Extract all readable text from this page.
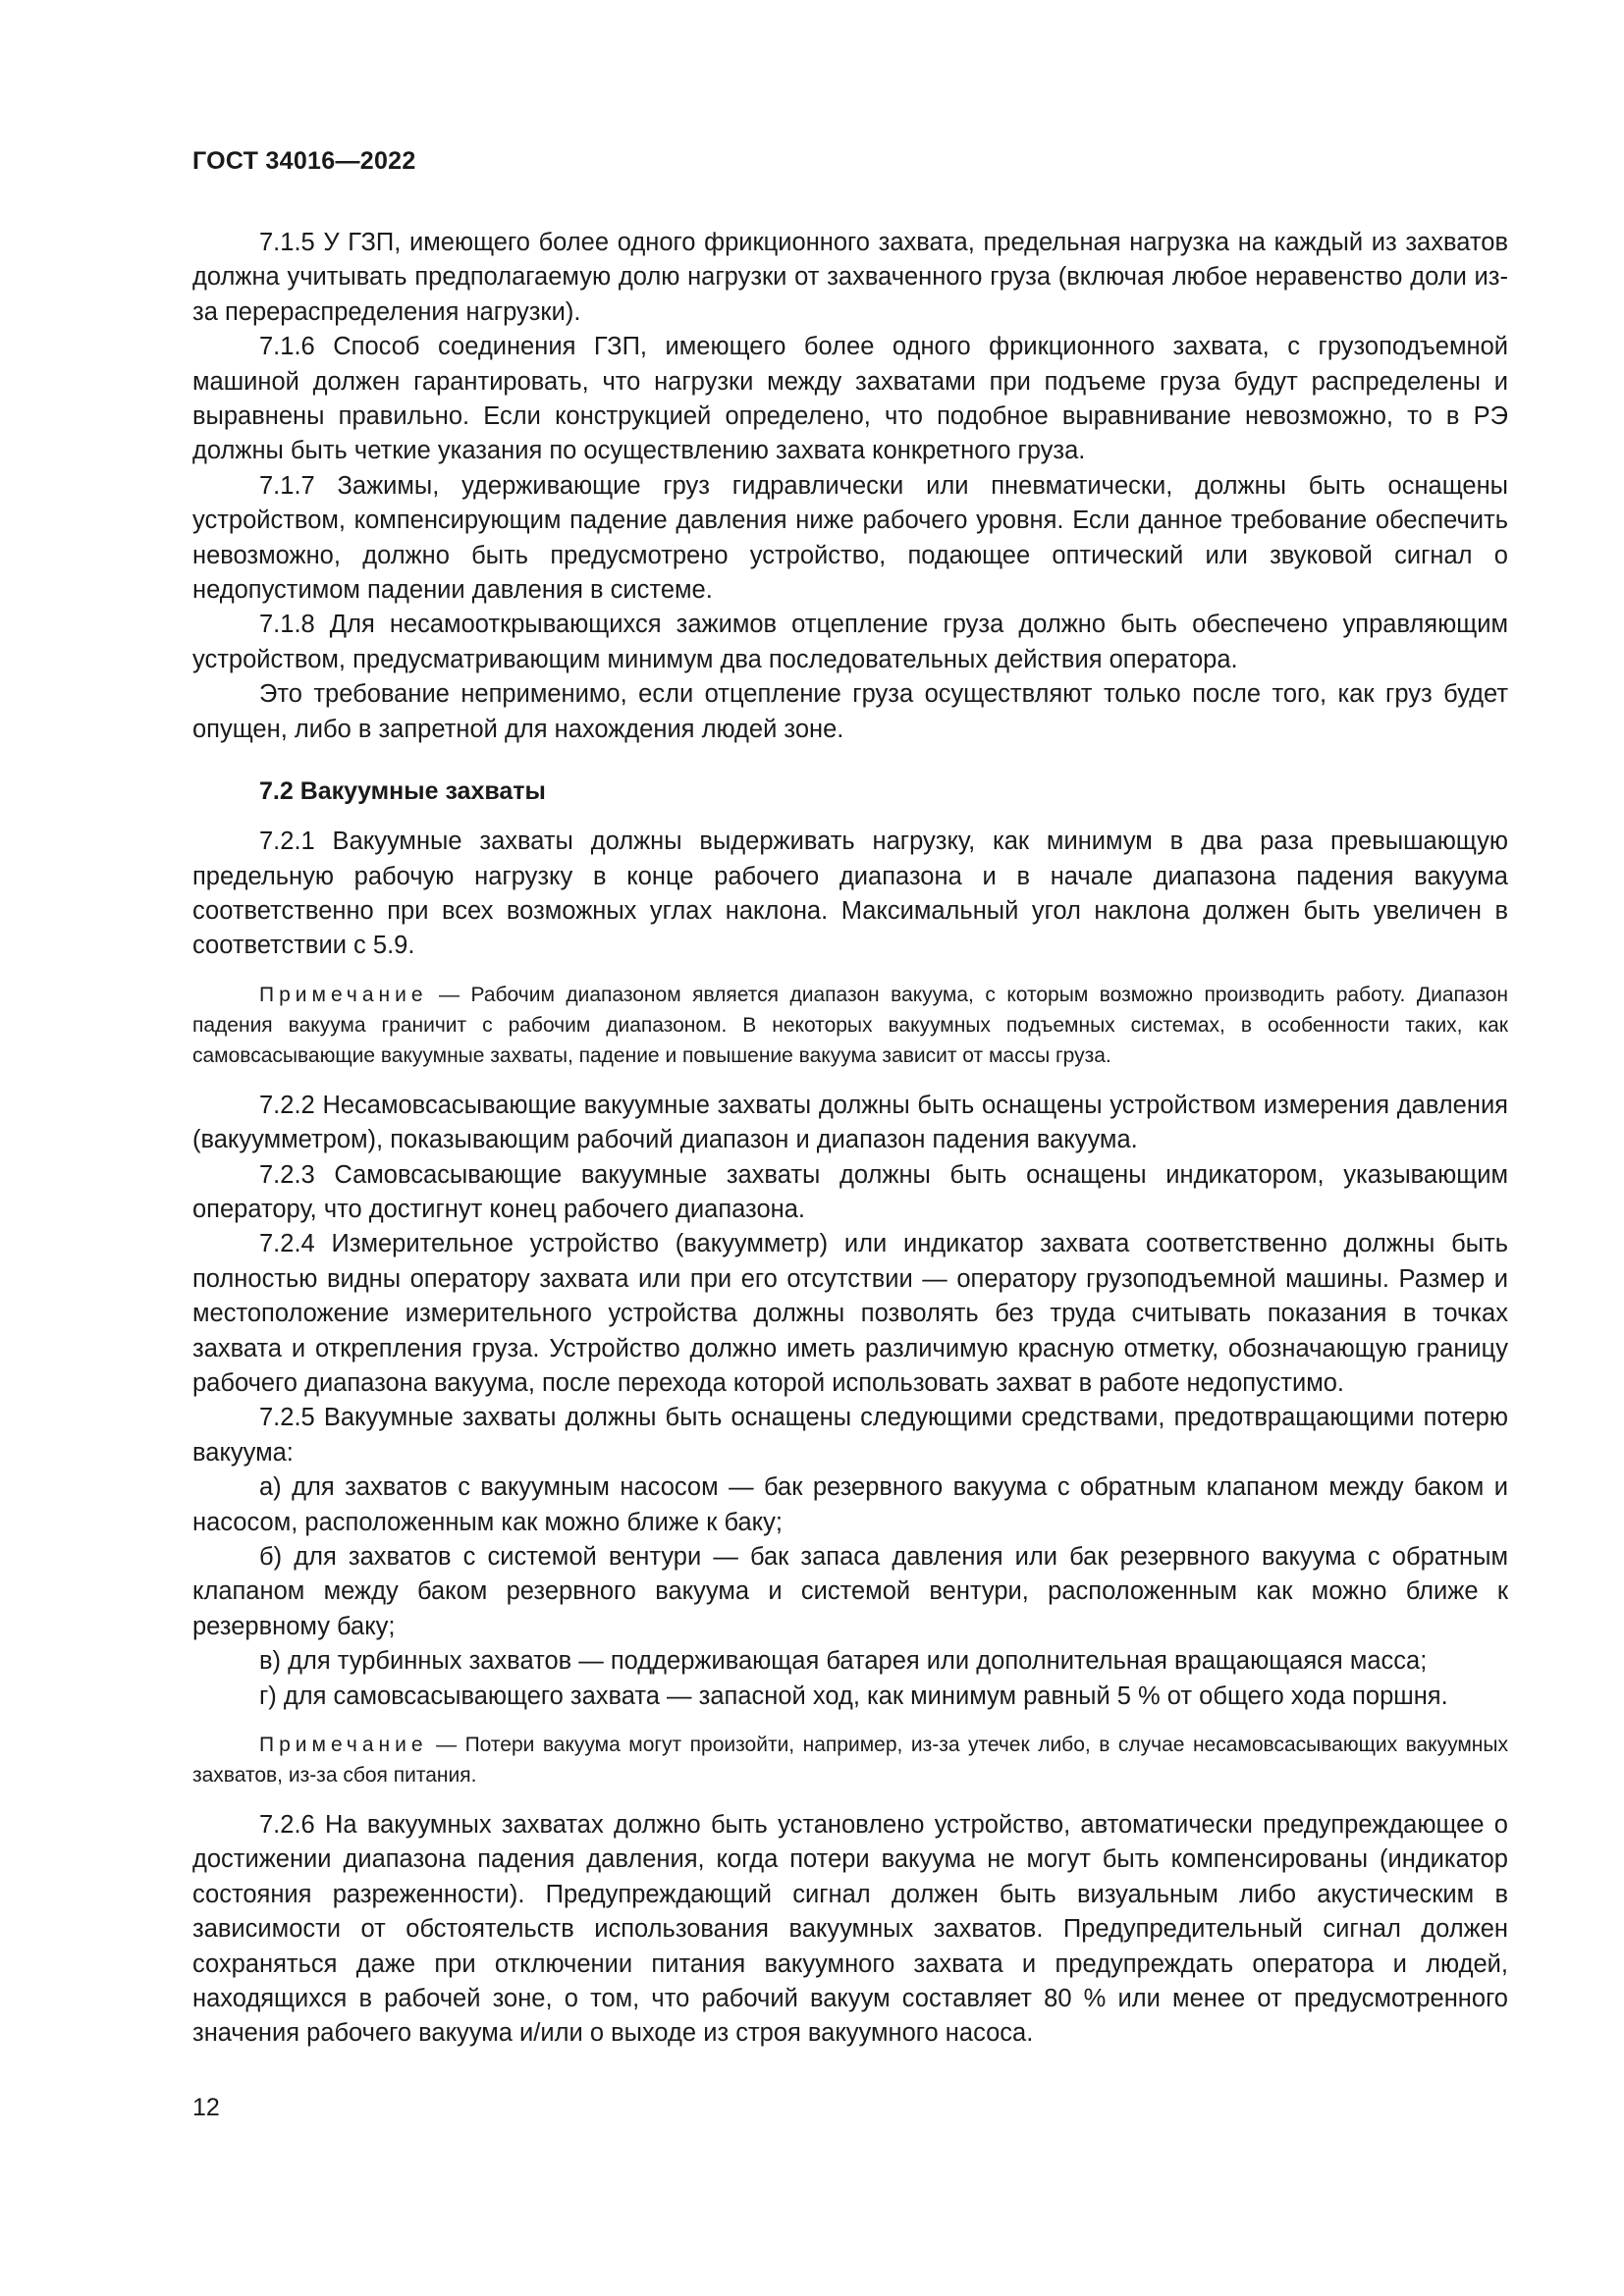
ГОСТ 34016—2022

7.1.5 У ГЗП, имеющего более одного фрикционного захвата, предельная нагрузка на каждый из захватов должна учитывать предполагаемую долю нагрузки от захваченного груза (включая любое неравенство доли из-за перераспределения нагрузки).

7.1.6 Способ соединения ГЗП, имеющего более одного фрикционного захвата, с грузоподъемной машиной должен гарантировать, что нагрузки между захватами при подъеме груза будут распределены и выравнены правильно. Если конструкцией определено, что подобное выравнивание невозможно, то в РЭ должны быть четкие указания по осуществлению захвата конкретного груза.

7.1.7 Зажимы, удерживающие груз гидравлически или пневматически, должны быть оснащены устройством, компенсирующим падение давления ниже рабочего уровня. Если данное требование обеспечить невозможно, должно быть предусмотрено устройство, подающее оптический или звуковой сигнал о недопустимом падении давления в системе.

7.1.8 Для несамооткрывающихся зажимов отцепление груза должно быть обеспечено управляющим устройством, предусматривающим минимум два последовательных действия оператора.

Это требование неприменимо, если отцепление груза осуществляют только после того, как груз будет опущен, либо в запретной для нахождения людей зоне.

7.2 Вакуумные захваты

7.2.1 Вакуумные захваты должны выдерживать нагрузку, как минимум в два раза превышающую предельную рабочую нагрузку в конце рабочего диапазона и в начале диапазона падения вакуума соответственно при всех возможных углах наклона. Максимальный угол наклона должен быть увеличен в соответствии с 5.9.

Примечание — Рабочим диапазоном является диапазон вакуума, с которым возможно производить работу. Диапазон падения вакуума граничит с рабочим диапазоном. В некоторых вакуумных подъемных системах, в особенности таких, как самовсасывающие вакуумные захваты, падение и повышение вакуума зависит от массы груза.

7.2.2 Несамовсасывающие вакуумные захваты должны быть оснащены устройством измерения давления (вакуумметром), показывающим рабочий диапазон и диапазон падения вакуума.

7.2.3 Самовсасывающие вакуумные захваты должны быть оснащены индикатором, указывающим оператору, что достигнут конец рабочего диапазона.

7.2.4 Измерительное устройство (вакуумметр) или индикатор захвата соответственно должны быть полностью видны оператору захвата или при его отсутствии — оператору грузоподъемной машины. Размер и местоположение измерительного устройства должны позволять без труда считывать показания в точках захвата и открепления груза. Устройство должно иметь различимую красную отметку, обозначающую границу рабочего диапазона вакуума, после перехода которой использовать захват в работе недопустимо.

7.2.5 Вакуумные захваты должны быть оснащены следующими средствами, предотвращающими потерю вакуума:

а) для захватов с вакуумным насосом — бак резервного вакуума с обратным клапаном между баком и насосом, расположенным как можно ближе к баку;

б) для захватов с системой вентури — бак запаса давления или бак резервного вакуума с обратным клапаном между баком резервного вакуума и системой вентури, расположенным как можно ближе к резервному баку;

в) для турбинных захватов — поддерживающая батарея или дополнительная вращающаяся масса;

г) для самовсасывающего захвата — запасной ход, как минимум равный 5 % от общего хода поршня.

Примечание — Потери вакуума могут произойти, например, из-за утечек либо, в случае несамовсасывающих вакуумных захватов, из-за сбоя питания.

7.2.6 На вакуумных захватах должно быть установлено устройство, автоматически предупреждающее о достижении диапазона падения давления, когда потери вакуума не могут быть компенсированы (индикатор состояния разреженности). Предупреждающий сигнал должен быть визуальным либо акустическим в зависимости от обстоятельств использования вакуумных захватов. Предупредительный сигнал должен сохраняться даже при отключении питания вакуумного захвата и предупреждать оператора и людей, находящихся в рабочей зоне, о том, что рабочий вакуум составляет 80 % или менее от предусмотренного значения рабочего вакуума и/или о выходе из строя вакуумного насоса.

12
